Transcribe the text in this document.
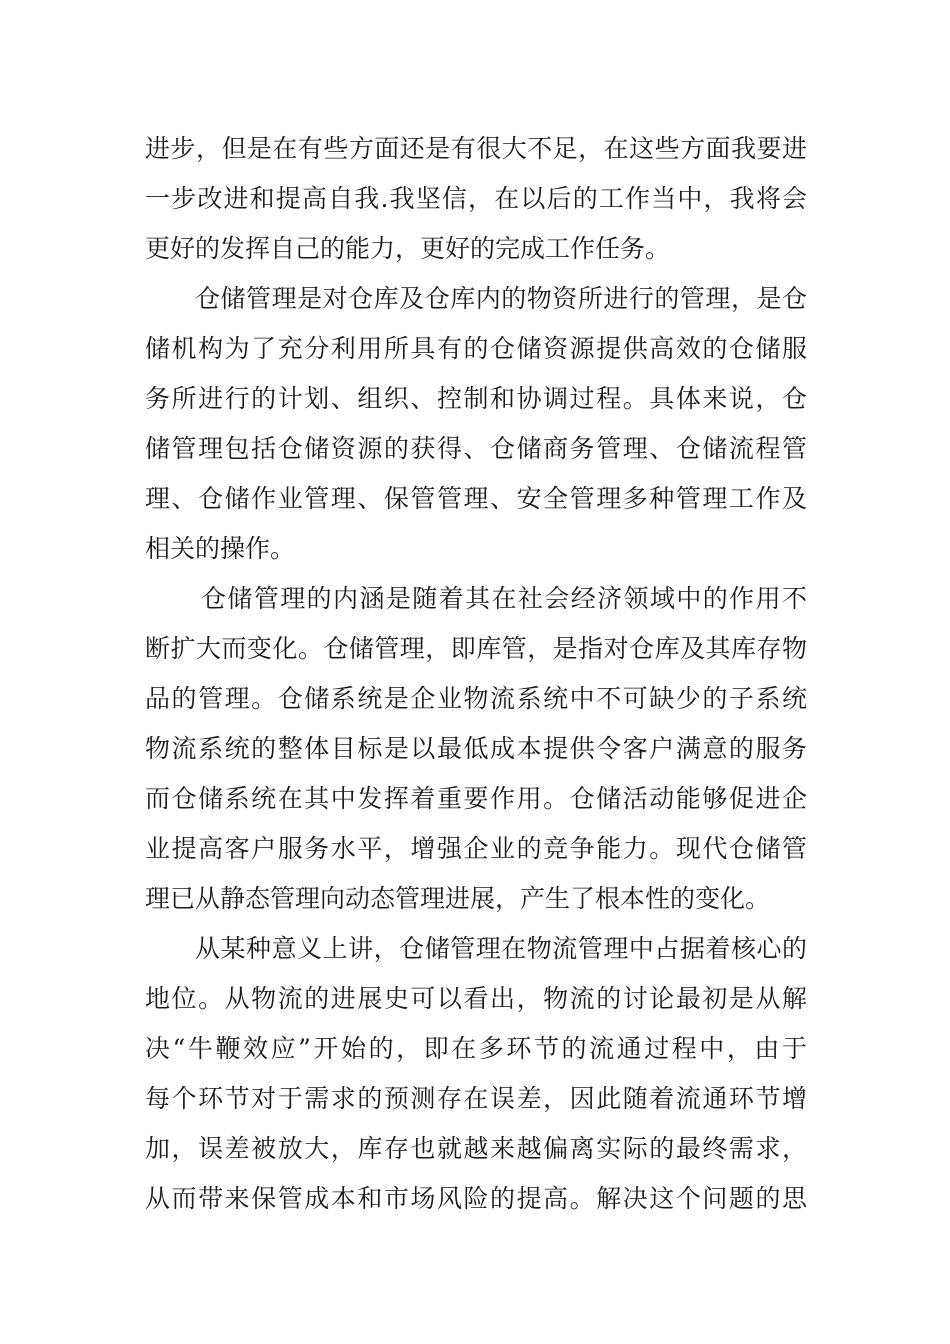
进步，但是在有些方面还是有很大不足，在这些方面我要进
一步改进和提高自我.我坚信，在以后的工作当中，我将会
更好的发挥自己的能力，更好的完成工作任务。
仓储管理是对仓库及仓库内的物资所进行的管理，是仓
储机构为了充分利用所具有的仓储资源提供高效的仓储服
务所进行的计划、组织、控制和协调过程。具体来说，仓
储管理包括仓储资源的获得、仓储商务管理、仓储流程管
理、仓储作业管理、保管管理、安全管理多种管理工作及
相关的操作。
仓储管理的内涵是随着其在社会经济领域中的作用不
断扩大而变化。仓储管理，即库管，是指对仓库及其库存物
品的管理。仓储系统是企业物流系统中不可缺少的子系统
物流系统的整体目标是以最低成本提供令客户满意的服务
而仓储系统在其中发挥着重要作用。仓储活动能够促进企
业提高客户服务水平，增强企业的竞争能力。现代仓储管
理已从静态管理向动态管理进展，产生了根本性的变化。
从某种意义上讲，仓储管理在物流管理中占据着核心的
地位。从物流的进展史可以看出，物流的讨论最初是从解
决“牛鞭效应”开始的，即在多环节的流通过程中，由于
每个环节对于需求的预测存在误差，因此随着流通环节增
加，误差被放大，库存也就越来越偏离实际的最终需求，
从而带来保管成本和市场风险的提高。解决这个问题的思
